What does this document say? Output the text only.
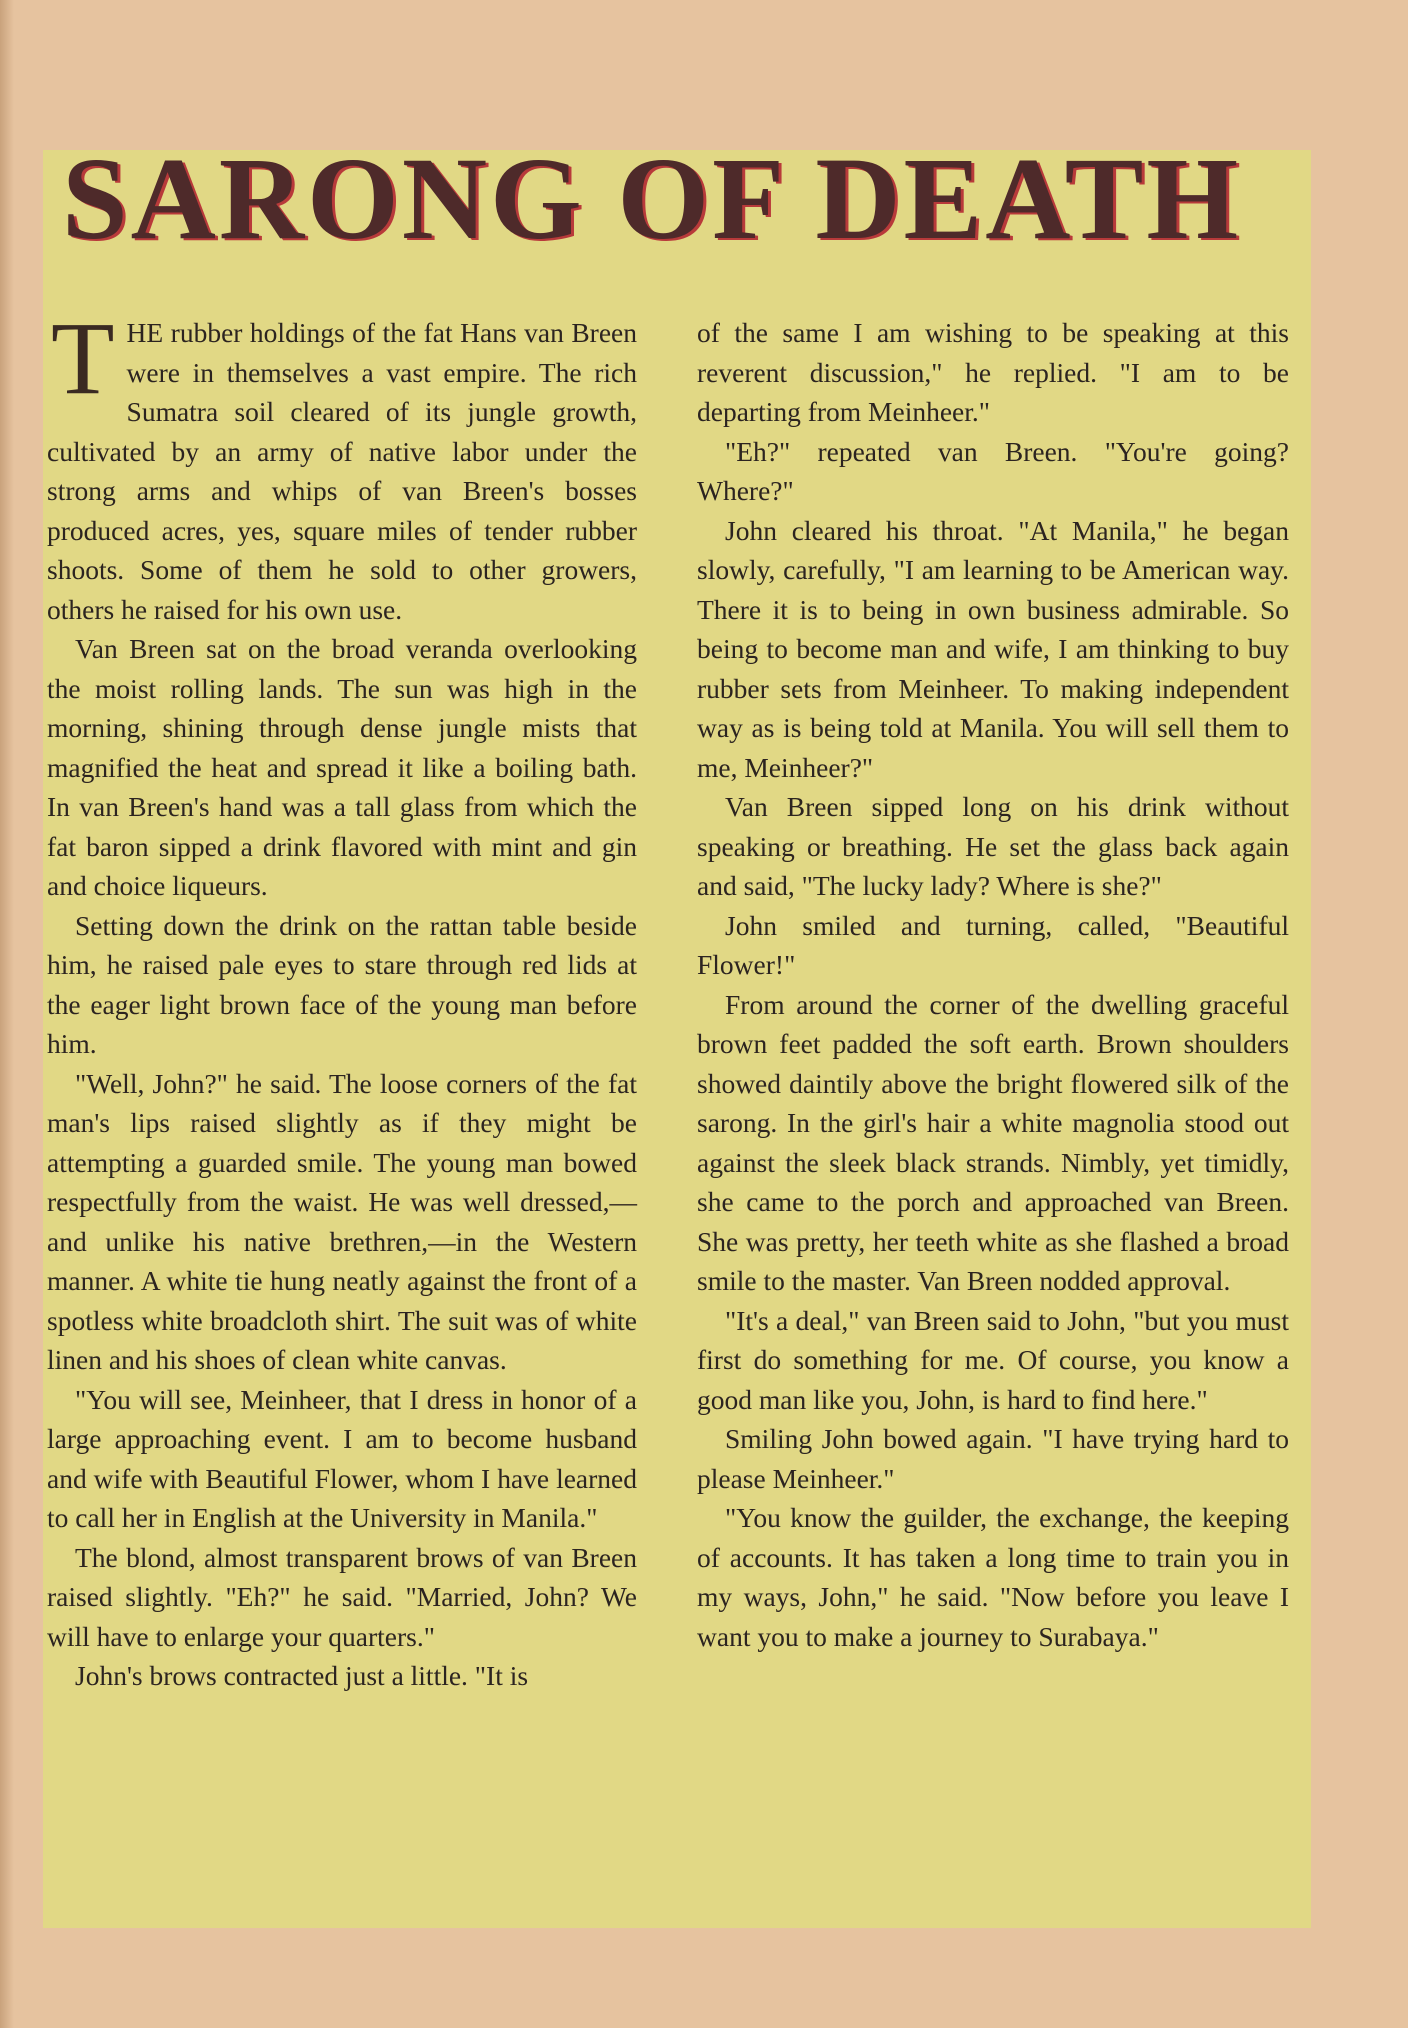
SARONG OF DEATH

THE rubber holdings of the fat Hans van Breen were in themselves a vast empire. The rich Sumatra soil cleared of its jungle growth, cultivated by an army of native labor under the strong arms and whips of van Breen's bosses produced acres, yes, square miles of tender rubber shoots. Some of them he sold to other growers, others he raised for his own use.

Van Breen sat on the broad veranda overlooking the moist rolling lands. The sun was high in the morning, shining through dense jungle mists that magnified the heat and spread it like a boiling bath. In van Breen's hand was a tall glass from which the fat baron sipped a drink flavored with mint and gin and choice liqueurs.

Setting down the drink on the rattan table beside him, he raised pale eyes to stare through red lids at the eager light brown face of the young man before him.

"Well, John?" he said. The loose corners of the fat man's lips raised slightly as if they might be attempting a guarded smile. The young man bowed respectfully from the waist. He was well dressed,—and unlike his native brethren,—in the Western manner. A white tie hung neatly against the front of a spotless white broadcloth shirt. The suit was of white linen and his shoes of clean white canvas.

"You will see, Meinheer, that I dress in honor of a large approaching event. I am to become husband and wife with Beautiful Flower, whom I have learned to call her in English at the University in Manila."

The blond, almost transparent brows of van Breen raised slightly. "Eh?" he said. "Married, John? We will have to enlarge your quarters."

John's brows contracted just a little. "It is

of the same I am wishing to be speaking at this reverent discussion," he replied. "I am to be departing from Meinheer."

"Eh?" repeated van Breen. "You're going? Where?"

John cleared his throat. "At Manila," he began slowly, carefully, "I am learning to be American way. There it is to being in own business admirable. So being to become man and wife, I am thinking to buy rubber sets from Meinheer. To making independent way as is being told at Manila. You will sell them to me, Meinheer?"

Van Breen sipped long on his drink without speaking or breathing. He set the glass back again and said, "The lucky lady? Where is she?"

John smiled and turning, called, "Beautiful Flower!"

From around the corner of the dwelling graceful brown feet padded the soft earth. Brown shoulders showed daintily above the bright flowered silk of the sarong. In the girl's hair a white magnolia stood out against the sleek black strands. Nimbly, yet timidly, she came to the porch and approached van Breen. She was pretty, her teeth white as she flashed a broad smile to the master. Van Breen nodded approval.

"It's a deal," van Breen said to John, "but you must first do something for me. Of course, you know a good man like you, John, is hard to find here."

Smiling John bowed again. "I have trying hard to please Meinheer."

"You know the guilder, the exchange, the keeping of accounts. It has taken a long time to train you in my ways, John," he said. "Now before you leave I want you to make a journey to Surabaya."
